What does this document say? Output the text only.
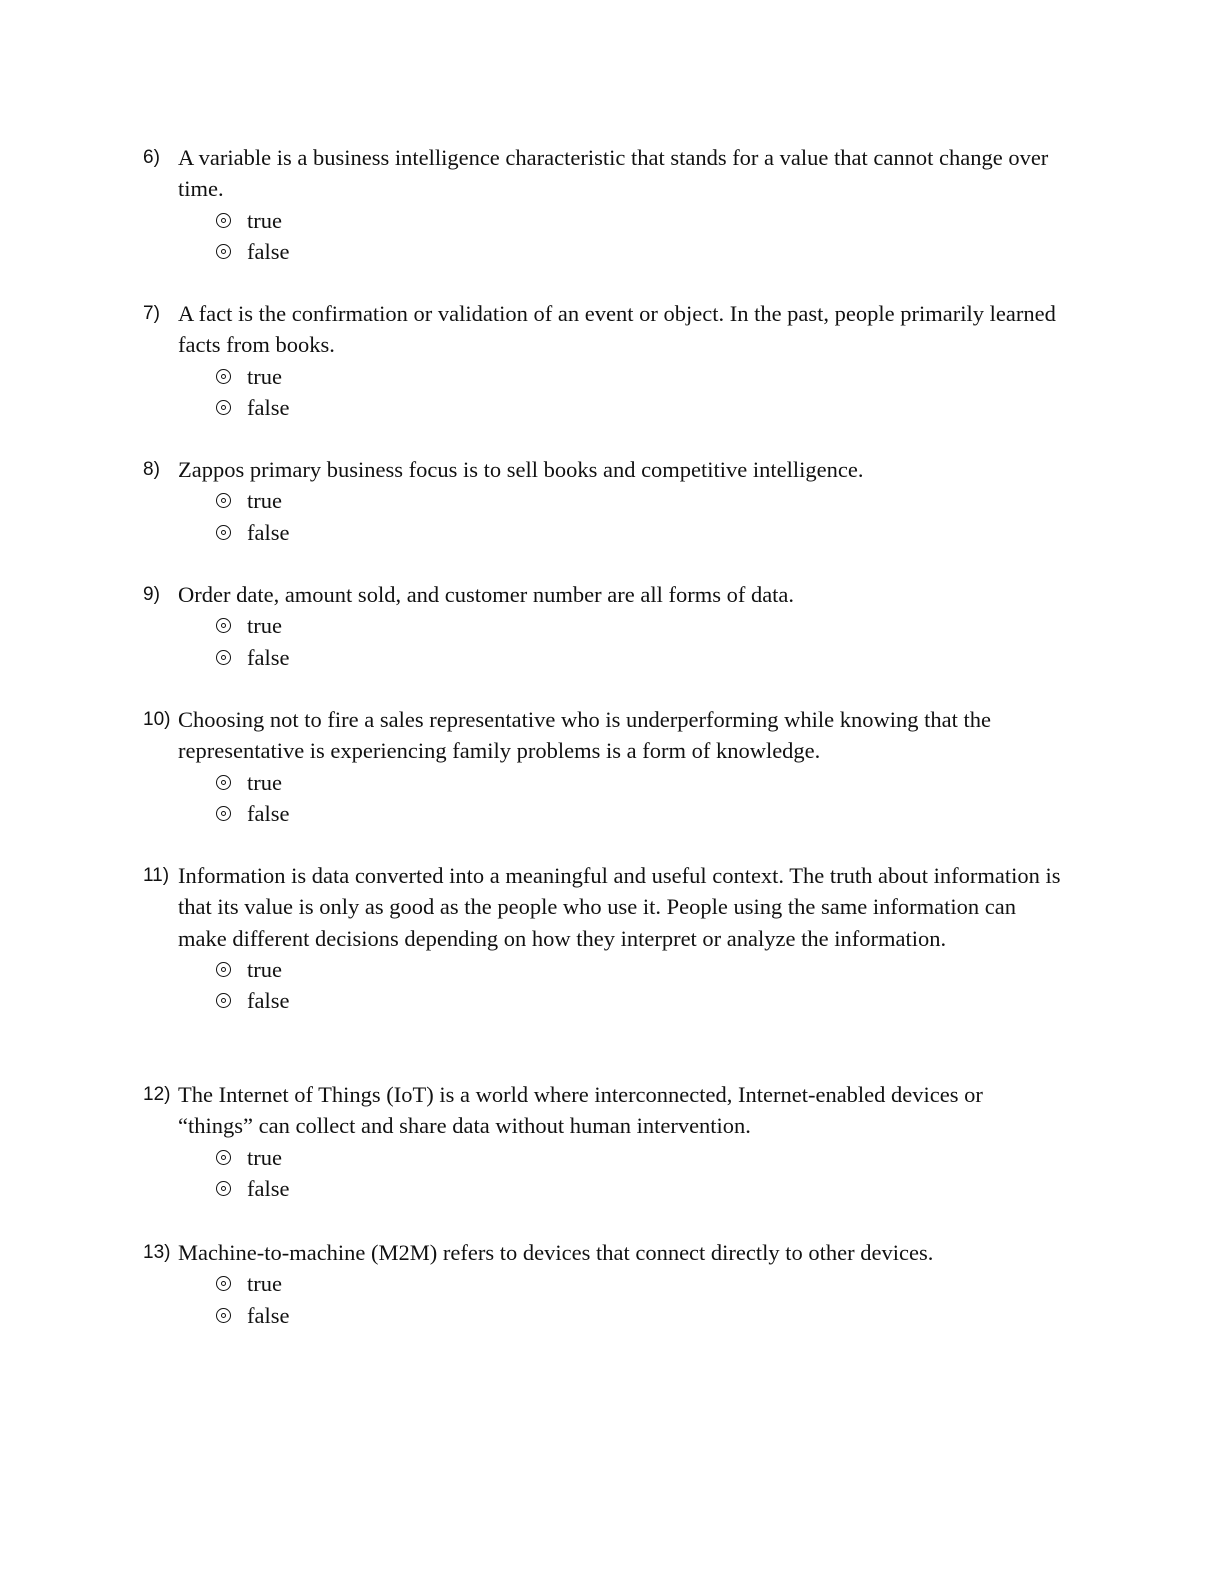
6) A variable is a business intelligence characteristic that stands for a value that cannot change over time.
true
false
7) A fact is the confirmation or validation of an event or object. In the past, people primarily learned facts from books.
true
false
8) Zappos primary business focus is to sell books and competitive intelligence.
true
false
9) Order date, amount sold, and customer number are all forms of data.
true
false
10) Choosing not to fire a sales representative who is underperforming while knowing that the representative is experiencing family problems is a form of knowledge.
true
false
11) Information is data converted into a meaningful and useful context. The truth about information is that its value is only as good as the people who use it. People using the same information can make different decisions depending on how they interpret or analyze the information.
true
false
12) The Internet of Things (IoT) is a world where interconnected, Internet-enabled devices or “things” can collect and share data without human intervention.
true
false
13) Machine-to-machine (M2M) refers to devices that connect directly to other devices.
true
false
